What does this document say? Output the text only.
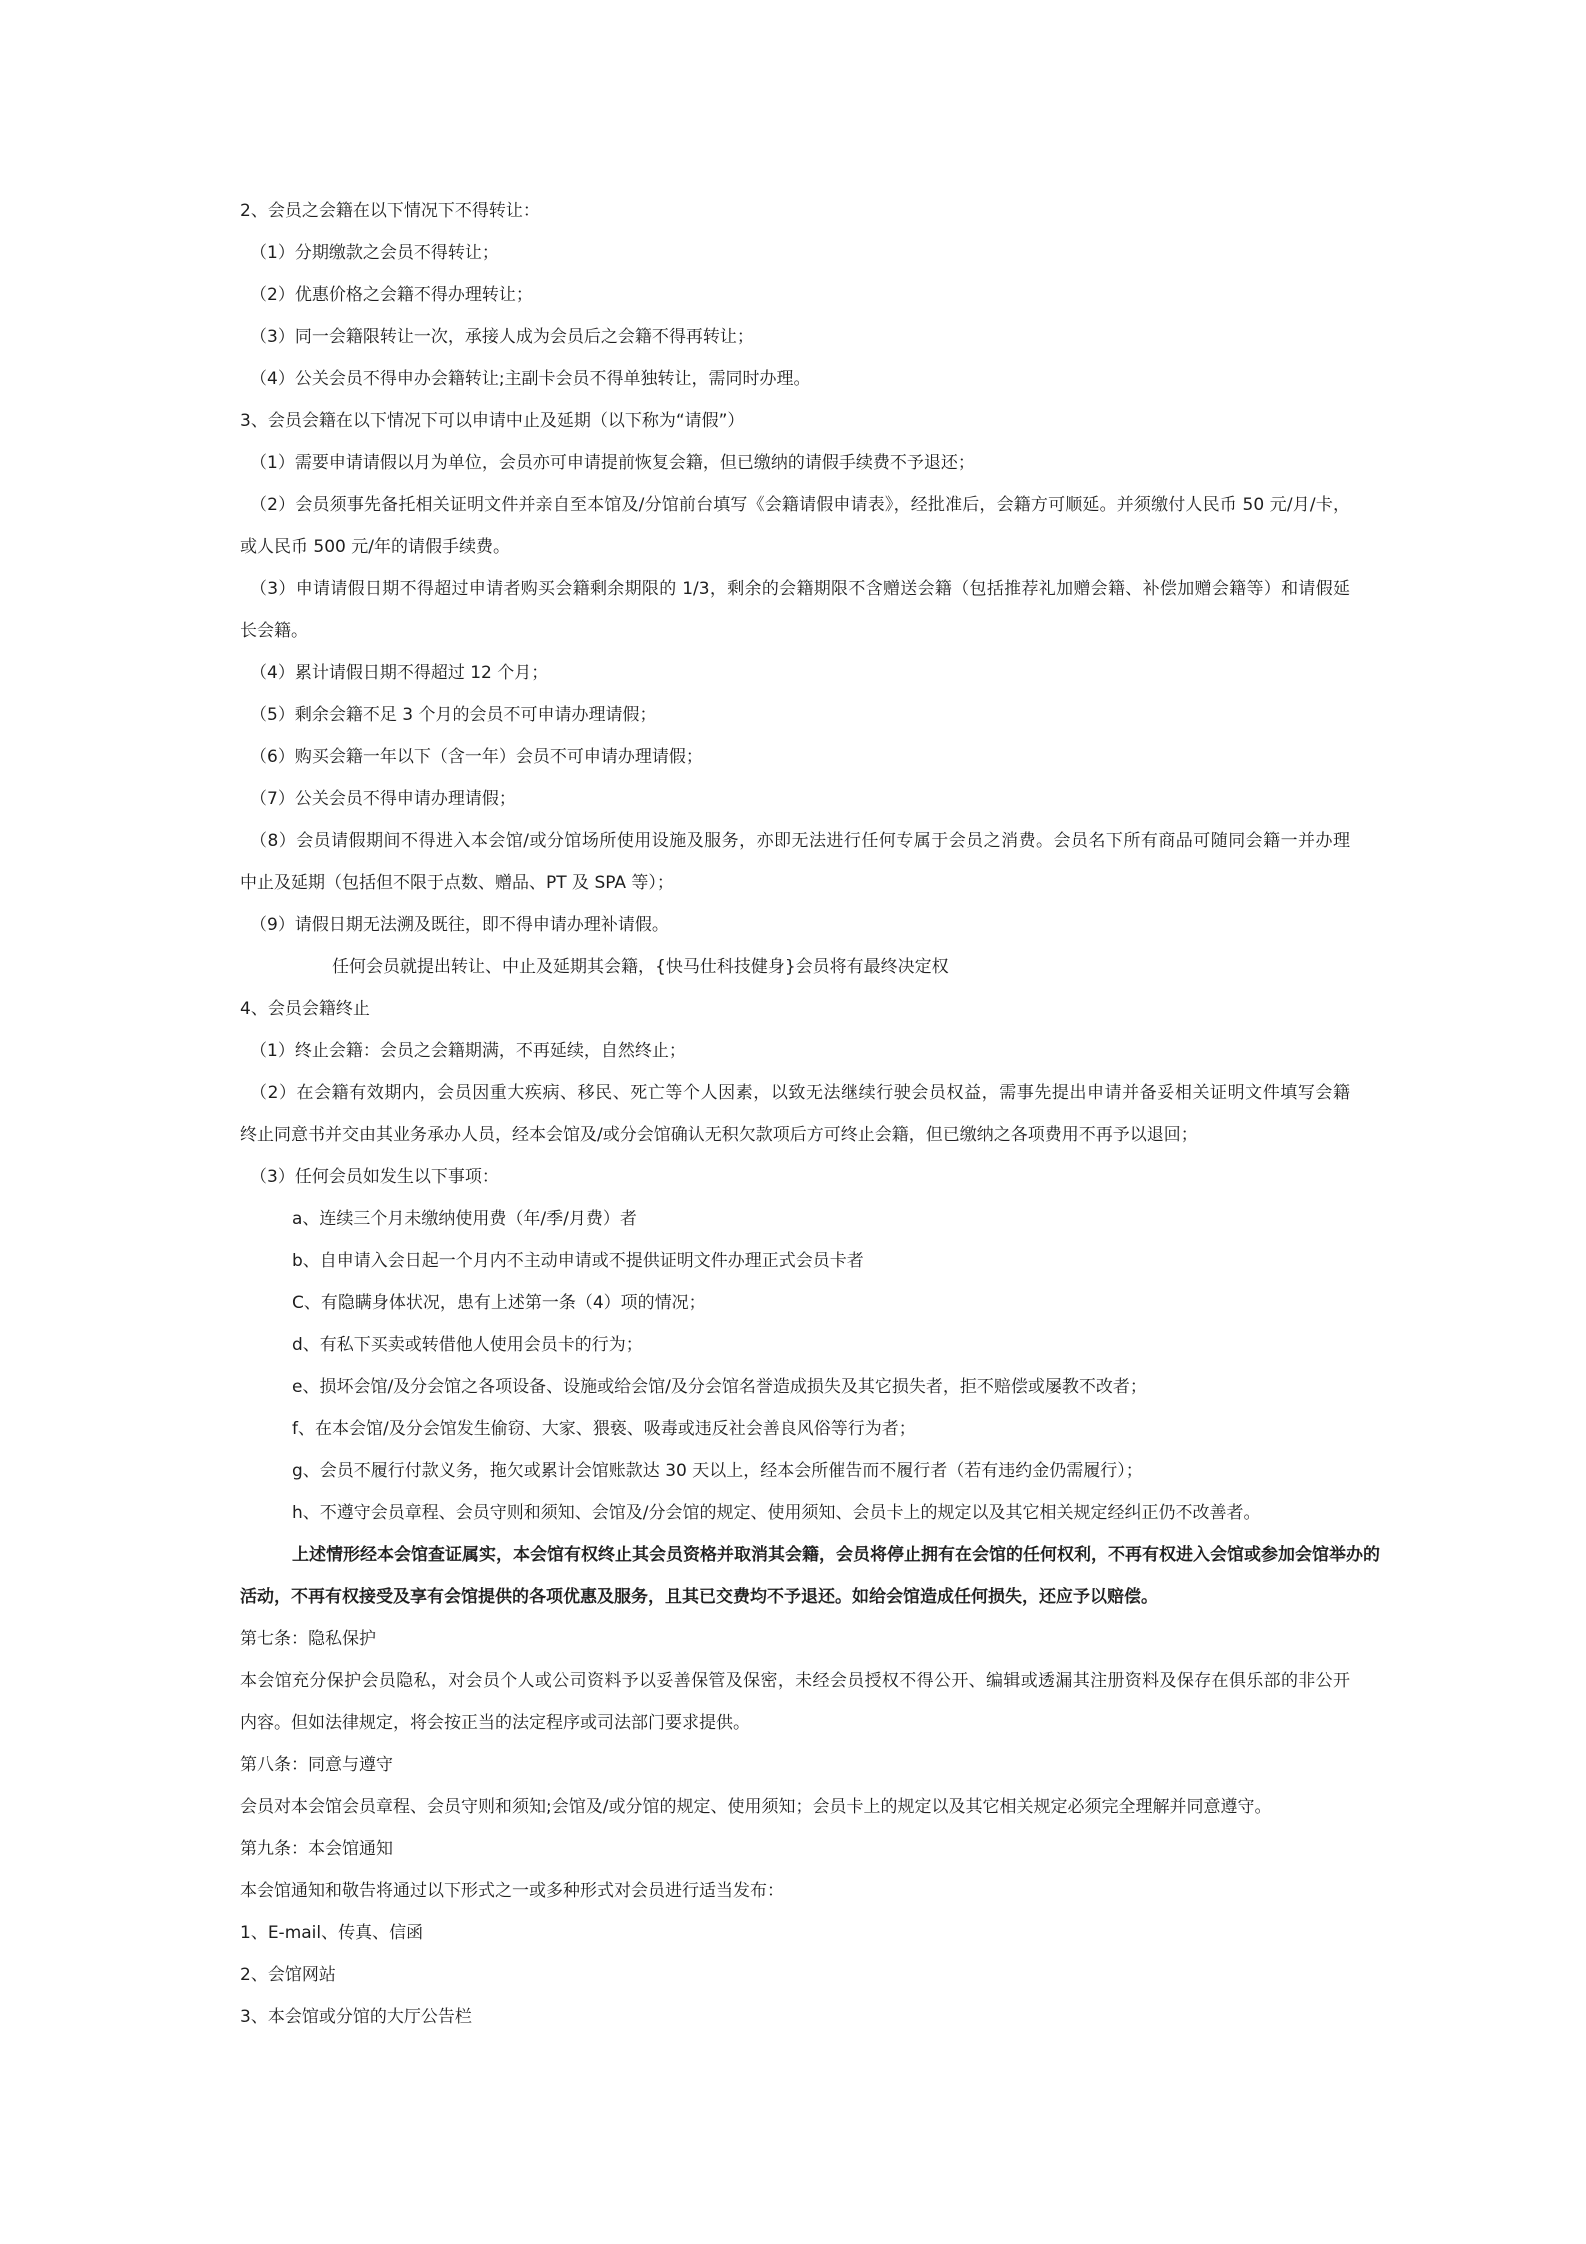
2、会员之会籍在以下情况下不得转让：
（1）分期缴款之会员不得转让；
（2）优惠价格之会籍不得办理转让；
（3）同一会籍限转让一次，承接人成为会员后之会籍不得再转让；
（4）公关会员不得申办会籍转让;主副卡会员不得单独转让，需同时办理。
3、会员会籍在以下情况下可以申请中止及延期（以下称为“请假”）
（1）需要申请请假以月为单位，会员亦可申请提前恢复会籍，但已缴纳的请假手续费不予退还；
（2）会员须事先备托相关证明文件并亲自至本馆及/分馆前台填写《会籍请假申请表》，经批准后，会籍方可顺延。并须缴付人民币 50 元/月/卡，
或人民币 500 元/年的请假手续费。
（3）申请请假日期不得超过申请者购买会籍剩余期限的 1/3，剩余的会籍期限不含赠送会籍（包括推荐礼加赠会籍、补偿加赠会籍等）和请假延
长会籍。
（4）累计请假日期不得超过 12 个月；
（5）剩余会籍不足 3 个月的会员不可申请办理请假；
（6）购买会籍一年以下（含一年）会员不可申请办理请假；
（7）公关会员不得申请办理请假；
（8）会员请假期间不得进入本会馆/或分馆场所使用设施及服务，亦即无法进行任何专属于会员之消费。会员名下所有商品可随同会籍一并办理
中止及延期（包括但不限于点数、赠品、PT 及 SPA 等）；
（9）请假日期无法溯及既往，即不得申请办理补请假。
任何会员就提出转让、中止及延期其会籍，{快马仕科技健身}会员将有最终决定权
4、会员会籍终止
（1）终止会籍：会员之会籍期满，不再延续，自然终止；
（2）在会籍有效期内，会员因重大疾病、移民、死亡等个人因素，以致无法继续行驶会员权益，需事先提出申请并备妥相关证明文件填写会籍
终止同意书并交由其业务承办人员，经本会馆及/或分会馆确认无积欠款项后方可终止会籍，但已缴纳之各项费用不再予以退回；
（3）任何会员如发生以下事项：
a、连续三个月未缴纳使用费（年/季/月费）者
b、自申请入会日起一个月内不主动申请或不提供证明文件办理正式会员卡者
C、有隐瞒身体状况，患有上述第一条（4）项的情况；
d、有私下买卖或转借他人使用会员卡的行为；
e、损坏会馆/及分会馆之各项设备、设施或给会馆/及分会馆名誉造成损失及其它损失者，拒不赔偿或屡教不改者；
f、在本会馆/及分会馆发生偷窃、大家、猥亵、吸毒或违反社会善良风俗等行为者；
g、会员不履行付款义务，拖欠或累计会馆账款达 30 天以上，经本会所催告而不履行者（若有违约金仍需履行）；
h、不遵守会员章程、会员守则和须知、会馆及/分会馆的规定、使用须知、会员卡上的规定以及其它相关规定经纠正仍不改善者。
上述情形经本会馆查证属实，本会馆有权终止其会员资格并取消其会籍，会员将停止拥有在会馆的任何权利，不再有权进入会馆或参加会馆举办的
活动，不再有权接受及享有会馆提供的各项优惠及服务，且其已交费均不予退还。如给会馆造成任何损失，还应予以赔偿。
第七条：隐私保护
本会馆充分保护会员隐私，对会员个人或公司资料予以妥善保管及保密，未经会员授权不得公开、编辑或透漏其注册资料及保存在俱乐部的非公开
内容。但如法律规定，将会按正当的法定程序或司法部门要求提供。
第八条：同意与遵守
会员对本会馆会员章程、会员守则和须知;会馆及/或分馆的规定、使用须知；会员卡上的规定以及其它相关规定必须完全理解并同意遵守。
第九条：本会馆通知
本会馆通知和敬告将通过以下形式之一或多种形式对会员进行适当发布：
1、E-mail、传真、信函
2、会馆网站
3、本会馆或分馆的大厅公告栏
